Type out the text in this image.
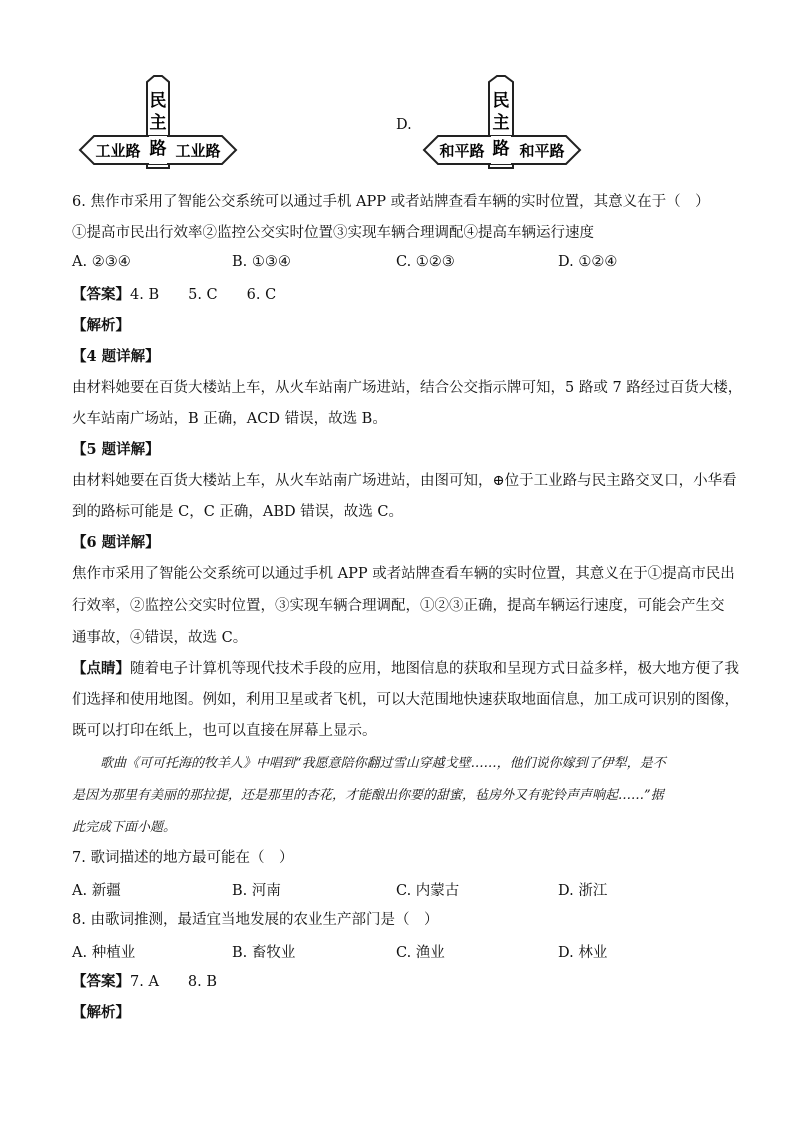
民
主
路
工业路 工业路
D.
民
主
路
和平路 和平路
6. 焦作市采用了智能公交系统可以通过手机 APP 或者站牌查看车辆的实时位置，其意义在于（　）
①提高市民出行效率②监控公交实时位置③实现车辆合理调配④提高车辆运行速度
A. ②③④	B. ①③④	C. ①②③	D. ①②④
【答案】4. B　　5. C　　6. C
【解析】
【4 题详解】
由材料她要在百货大楼站上车，从火车站南广场进站，结合公交指示牌可知，5 路或 7 路经过百货大楼，
火车站南广场站，B 正确，ACD 错误，故选 B。
【5 题详解】
由材料她要在百货大楼站上车，从火车站南广场进站，由图可知，⊕位于工业路与民主路交叉口，小华看
到的路标可能是 C，C 正确，ABD 错误，故选 C。
【6 题详解】
焦作市采用了智能公交系统可以通过手机 APP 或者站牌查看车辆的实时位置，其意义在于①提高市民出
行效率，②监控公交实时位置，③实现车辆合理调配，①②③正确，提高车辆运行速度，可能会产生交
通事故，④错误，故选 C。
【点睛】随着电子计算机等现代技术手段的应用，地图信息的获取和呈现方式日益多样，极大地方便了我
们选择和使用地图。例如，利用卫星或者飞机，可以大范围地快速获取地面信息，加工成可识别的图像，
既可以打印在纸上，也可以直接在屏幕上显示。
歌曲《可可托海的牧羊人》中唱到“我愿意陪你翻过雪山穿越戈壁……，他们说你嫁到了伊犁，是不
是因为那里有美丽的那拉提，还是那里的杏花，才能酿出你要的甜蜜，毡房外又有驼铃声声响起……”据
此完成下面小题。
7. 歌词描述的地方最可能在（　）
A. 新疆	B. 河南	C. 内蒙古	D. 浙江
8. 由歌词推测，最适宜当地发展的农业生产部门是（　）
A. 种植业	B. 畜牧业	C. 渔业	D. 林业
【答案】7. A　　8. B
【解析】
